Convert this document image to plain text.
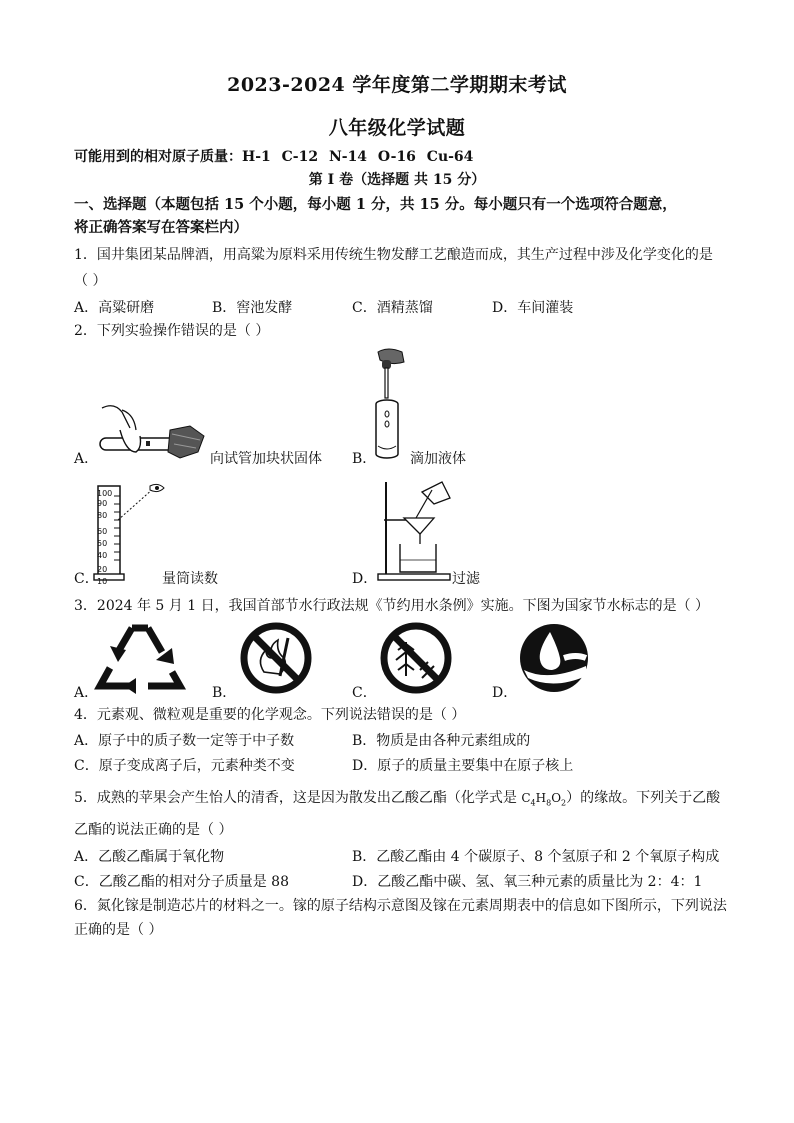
2023-2024 学年度第二学期期末考试
八年级化学试题
可能用到的相对原子质量：H-1 C-12 N-14 O-16 Cu-64
第 I 卷（选择题 共 15 分）
一、选择题（本题包括 15 个小题，每小题 1 分，共 15 分。每小题只有一个选项符合题意，
将正确答案写在答案栏内）
1．国井集团某品牌酒，用高粱为原料采用传统生物发酵工艺酿造而成，其生产过程中涉及化学变化的是
（ ）
A．高粱研磨	B．窖池发酵	C．酒精蒸馏	D．车间灌装
2．下列实验操作错误的是（ ）
A．	向试管加块状固体 B． 滴加液体
100
90
80
60
50
40
20
10
C．	量筒读数	D．	过滤
3．2024 年 5 月 1 日，我国首部节水行政法规《节约用水条例》实施。下图为国家节水标志的是（ ）
A．	B．	C．	D．
4．元素观、微粒观是重要的化学观念。下列说法错误的是（ ）
A．原子中的质子数一定等于中子数	B．物质是由各种元素组成的
C．原子变成离子后，元素种类不变	D．原子的质量主要集中在原子核上
5．成熟的苹果会产生怡人的清香，这是因为散发出乙酸乙酯（化学式是 $C_4H_8O_2$）的缘故。下列关于乙酸
乙酯的说法正确的是（ ）
A．乙酸乙酯属于氧化物	B．乙酸乙酯由 4 个碳原子、8 个氢原子和 2 个氧原子构成
C．乙酸乙酯的相对分子质量是 88	D．乙酸乙酯中碳、氢、氧三种元素的质量比为 2：4：1
6．氮化镓是制造芯片的材料之一。镓的原子结构示意图及镓在元素周期表中的信息如下图所示，下列说法
正确的是（ ）
